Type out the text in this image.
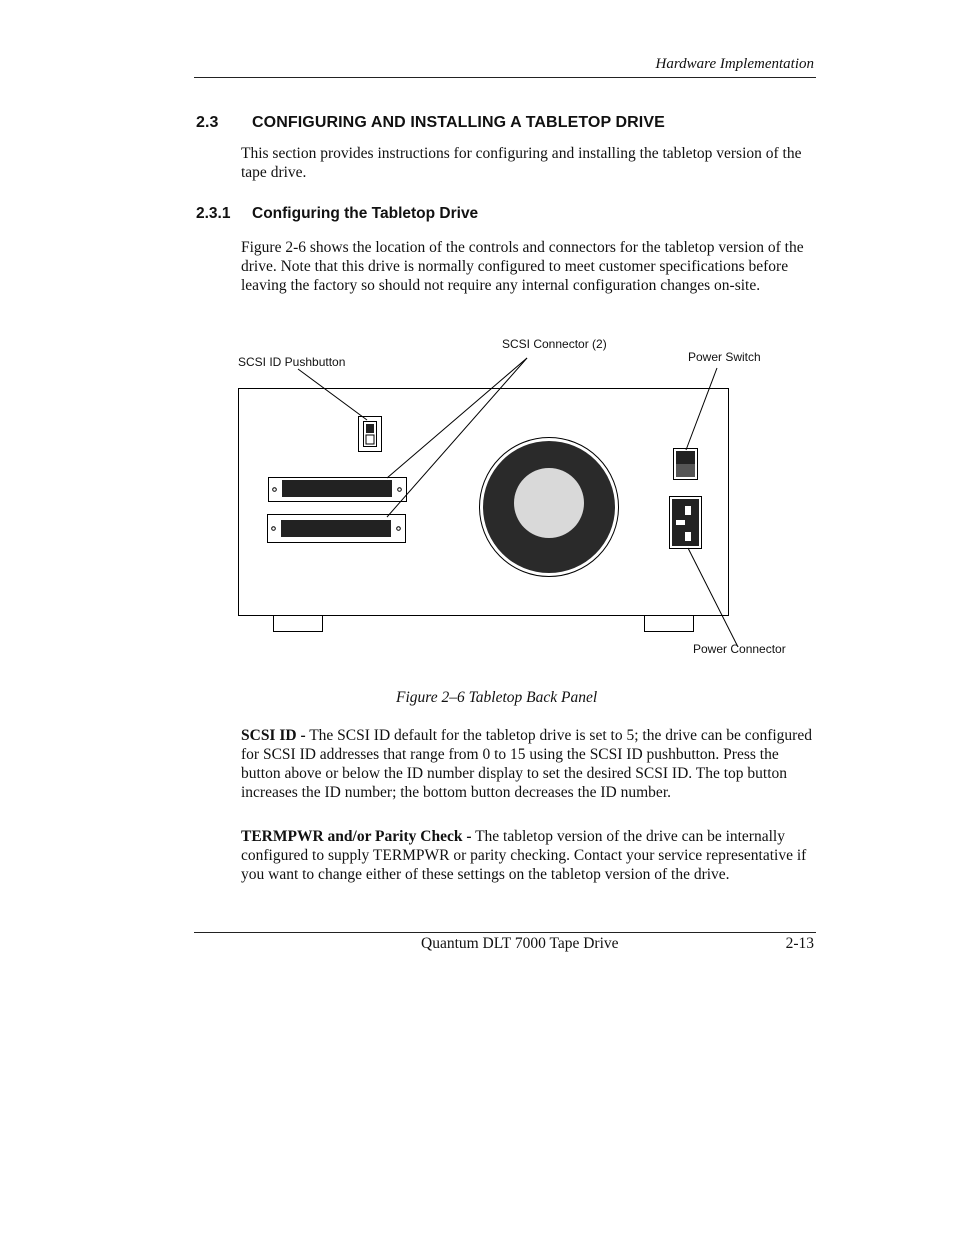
Hardware Implementation
2.3 CONFIGURING AND INSTALLING A TABLETOP DRIVE
This section provides instructions for configuring and installing the tabletop version of the tape drive.
2.3.1 Configuring the Tabletop Drive
Figure 2-6 shows the location of the controls and connectors for the tabletop version of the drive. Note that this drive is normally configured to meet customer specifications before leaving the factory so should not require any internal configuration changes on-site.
SCSI ID Pushbutton
SCSI Connector (2)
Power Switch
Power Connector
Figure 2–6 Tabletop Back Panel
SCSI ID - The SCSI ID default for the tabletop drive is set to 5; the drive can be configured for SCSI ID addresses that range from 0 to 15 using the SCSI ID pushbutton. Press the button above or below the ID number display to set the desired SCSI ID. The top button increases the ID number; the bottom button decreases the ID number.
TERMPWR and/or Parity Check - The tabletop version of the drive can be internally configured to supply TERMPWR or parity checking. Contact your service representative if you want to change either of these settings on the tabletop version of the drive.
Quantum DLT 7000 Tape Drive	2-13
